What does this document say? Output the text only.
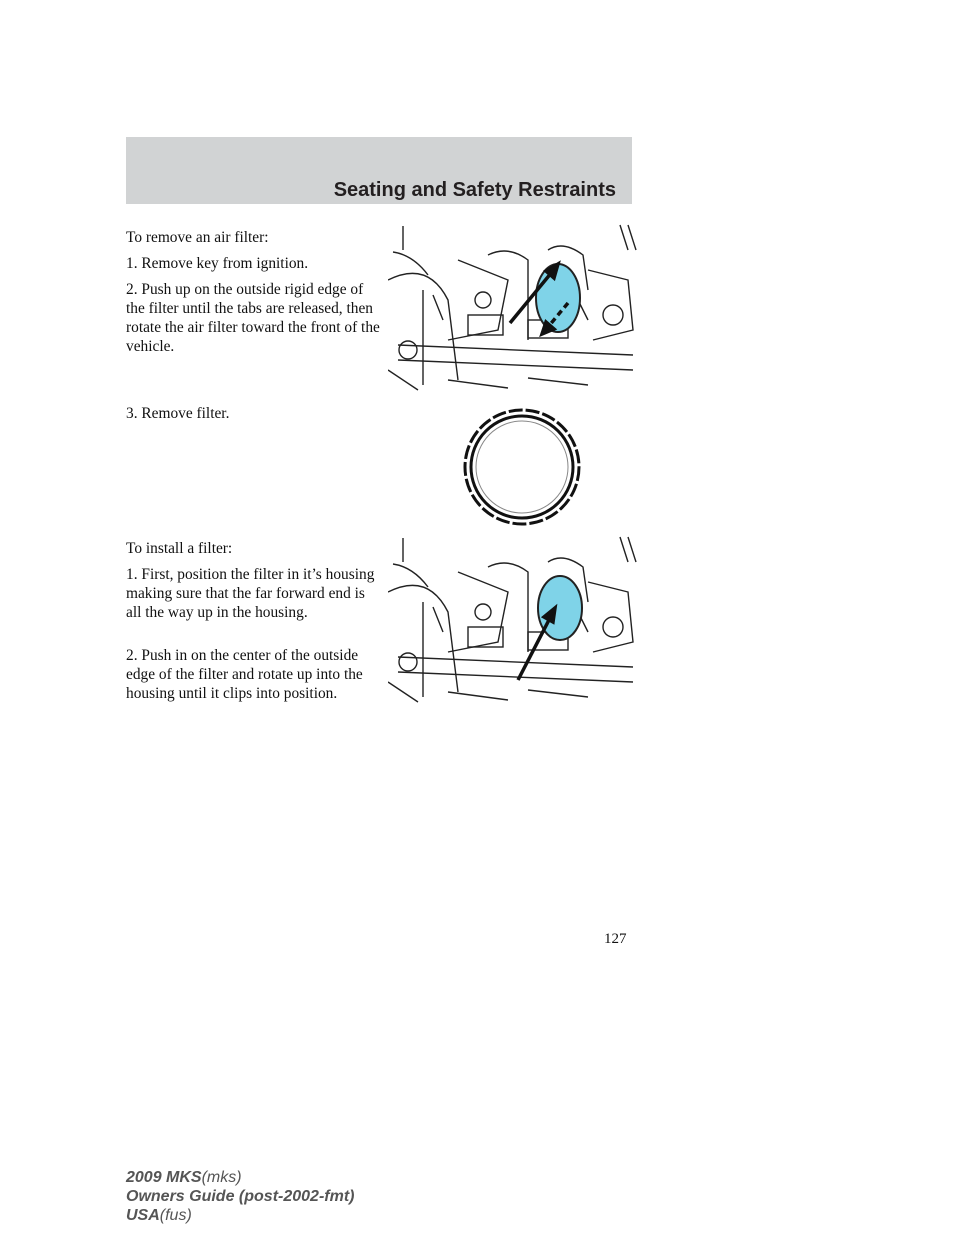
Seating and Safety Restraints

To remove an air filter:

1. Remove key from ignition.

2. Push up on the outside rigid edge of the filter until the tabs are released, then rotate the air filter toward the front of the vehicle.

3. Remove filter.

To install a filter:

1. First, position the filter in it’s housing making sure that the far forward end is all the way up in the housing.

2. Push in on the center of the outside edge of the filter and rotate up into the housing until it clips into position.

127
2009 MKS(mks)
Owners Guide (post-2002-fmt)
USA(fus)
